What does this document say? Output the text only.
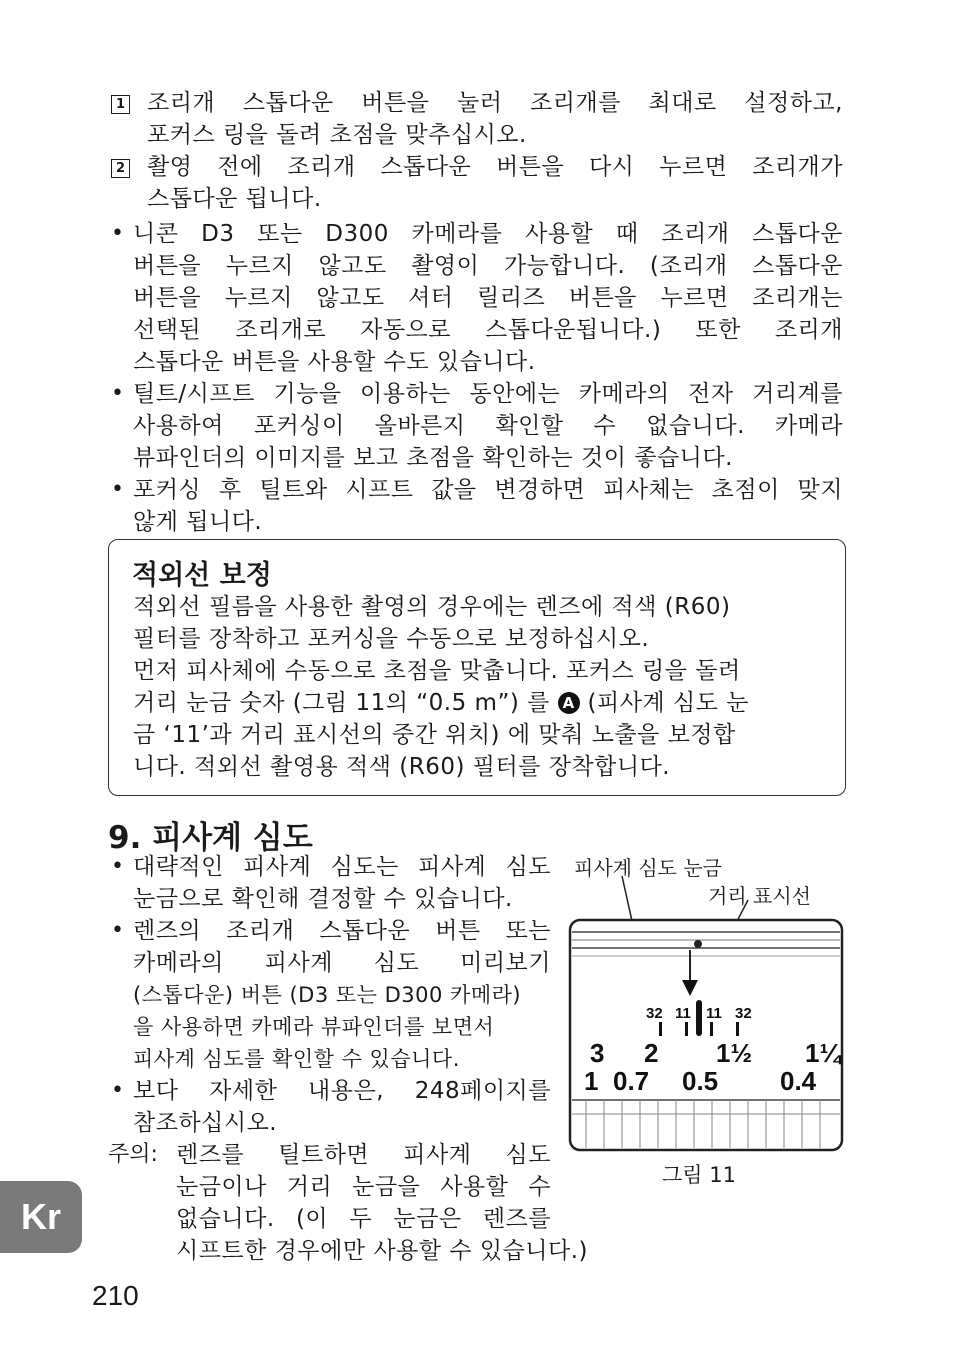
1 조리개 스톱다운 버튼을 눌러 조리개를 최대로 설정하고,
포커스 링을 돌려 초점을 맞추십시오.
2 촬영 전에 조리개 스톱다운 버튼을 다시 누르면 조리개가
스톱다운 됩니다.
• 니콘 D3 또는 D300 카메라를 사용할 때 조리개 스톱다운
버튼을 누르지 않고도 촬영이 가능합니다. (조리개 스톱다운
버튼을 누르지 않고도 셔터 릴리즈 버튼을 누르면 조리개는
선택된 조리개로 자동으로 스톱다운됩니다.) 또한 조리개
스톱다운 버튼을 사용할 수도 있습니다.
• 틸트/시프트 기능을 이용하는 동안에는 카메라의 전자 거리계를
사용하여 포커싱이 올바른지 확인할 수 없습니다. 카메라
뷰파인더의 이미지를 보고 초점을 확인하는 것이 좋습니다.
• 포커싱 후 틸트와 시프트 값을 변경하면 피사체는 초점이 맞지
않게 됩니다.
적외선 보정
적외선 필름을 사용한 촬영의 경우에는 렌즈에 적색 (R60)
필터를 장착하고 포커싱을 수동으로 보정하십시오.
먼저 피사체에 수동으로 초점을 맞춥니다. 포커스 링을 돌려
거리 눈금 숫자 (그림 11의 “0.5 m”) 를 A (피사계 심도 눈
금 ‘11’과 거리 표시선의 중간 위치) 에 맞춰 노출을 보정합
니다. 적외선 촬영용 적색 (R60) 필터를 장착합니다.
9. 피사계 심도
• 대략적인 피사계 심도는 피사계 심도
눈금으로 확인해 결정할 수 있습니다.
• 렌즈의 조리개 스톱다운 버튼 또는
카메라의 피사계 심도 미리보기
(스톱다운) 버튼 (D3 또는 D300 카메라)
을 사용하면 카메라 뷰파인더를 보면서
피사계 심도를 확인할 수 있습니다.
• 보다 자세한 내용은, 248페이지를
참조하십시오.
주의: 렌즈를 틸트하면 피사계 심도
눈금이나 거리 눈금을 사용할 수
없습니다. (이 두 눈금은 렌즈를
시프트한 경우에만 사용할 수 있습니다.)
피사계 심도 눈금
거리 표시선
32 11 11 32
3 2 1½ 1¼
1 0.7 0.5 0.4
그림 11
Kr
210
